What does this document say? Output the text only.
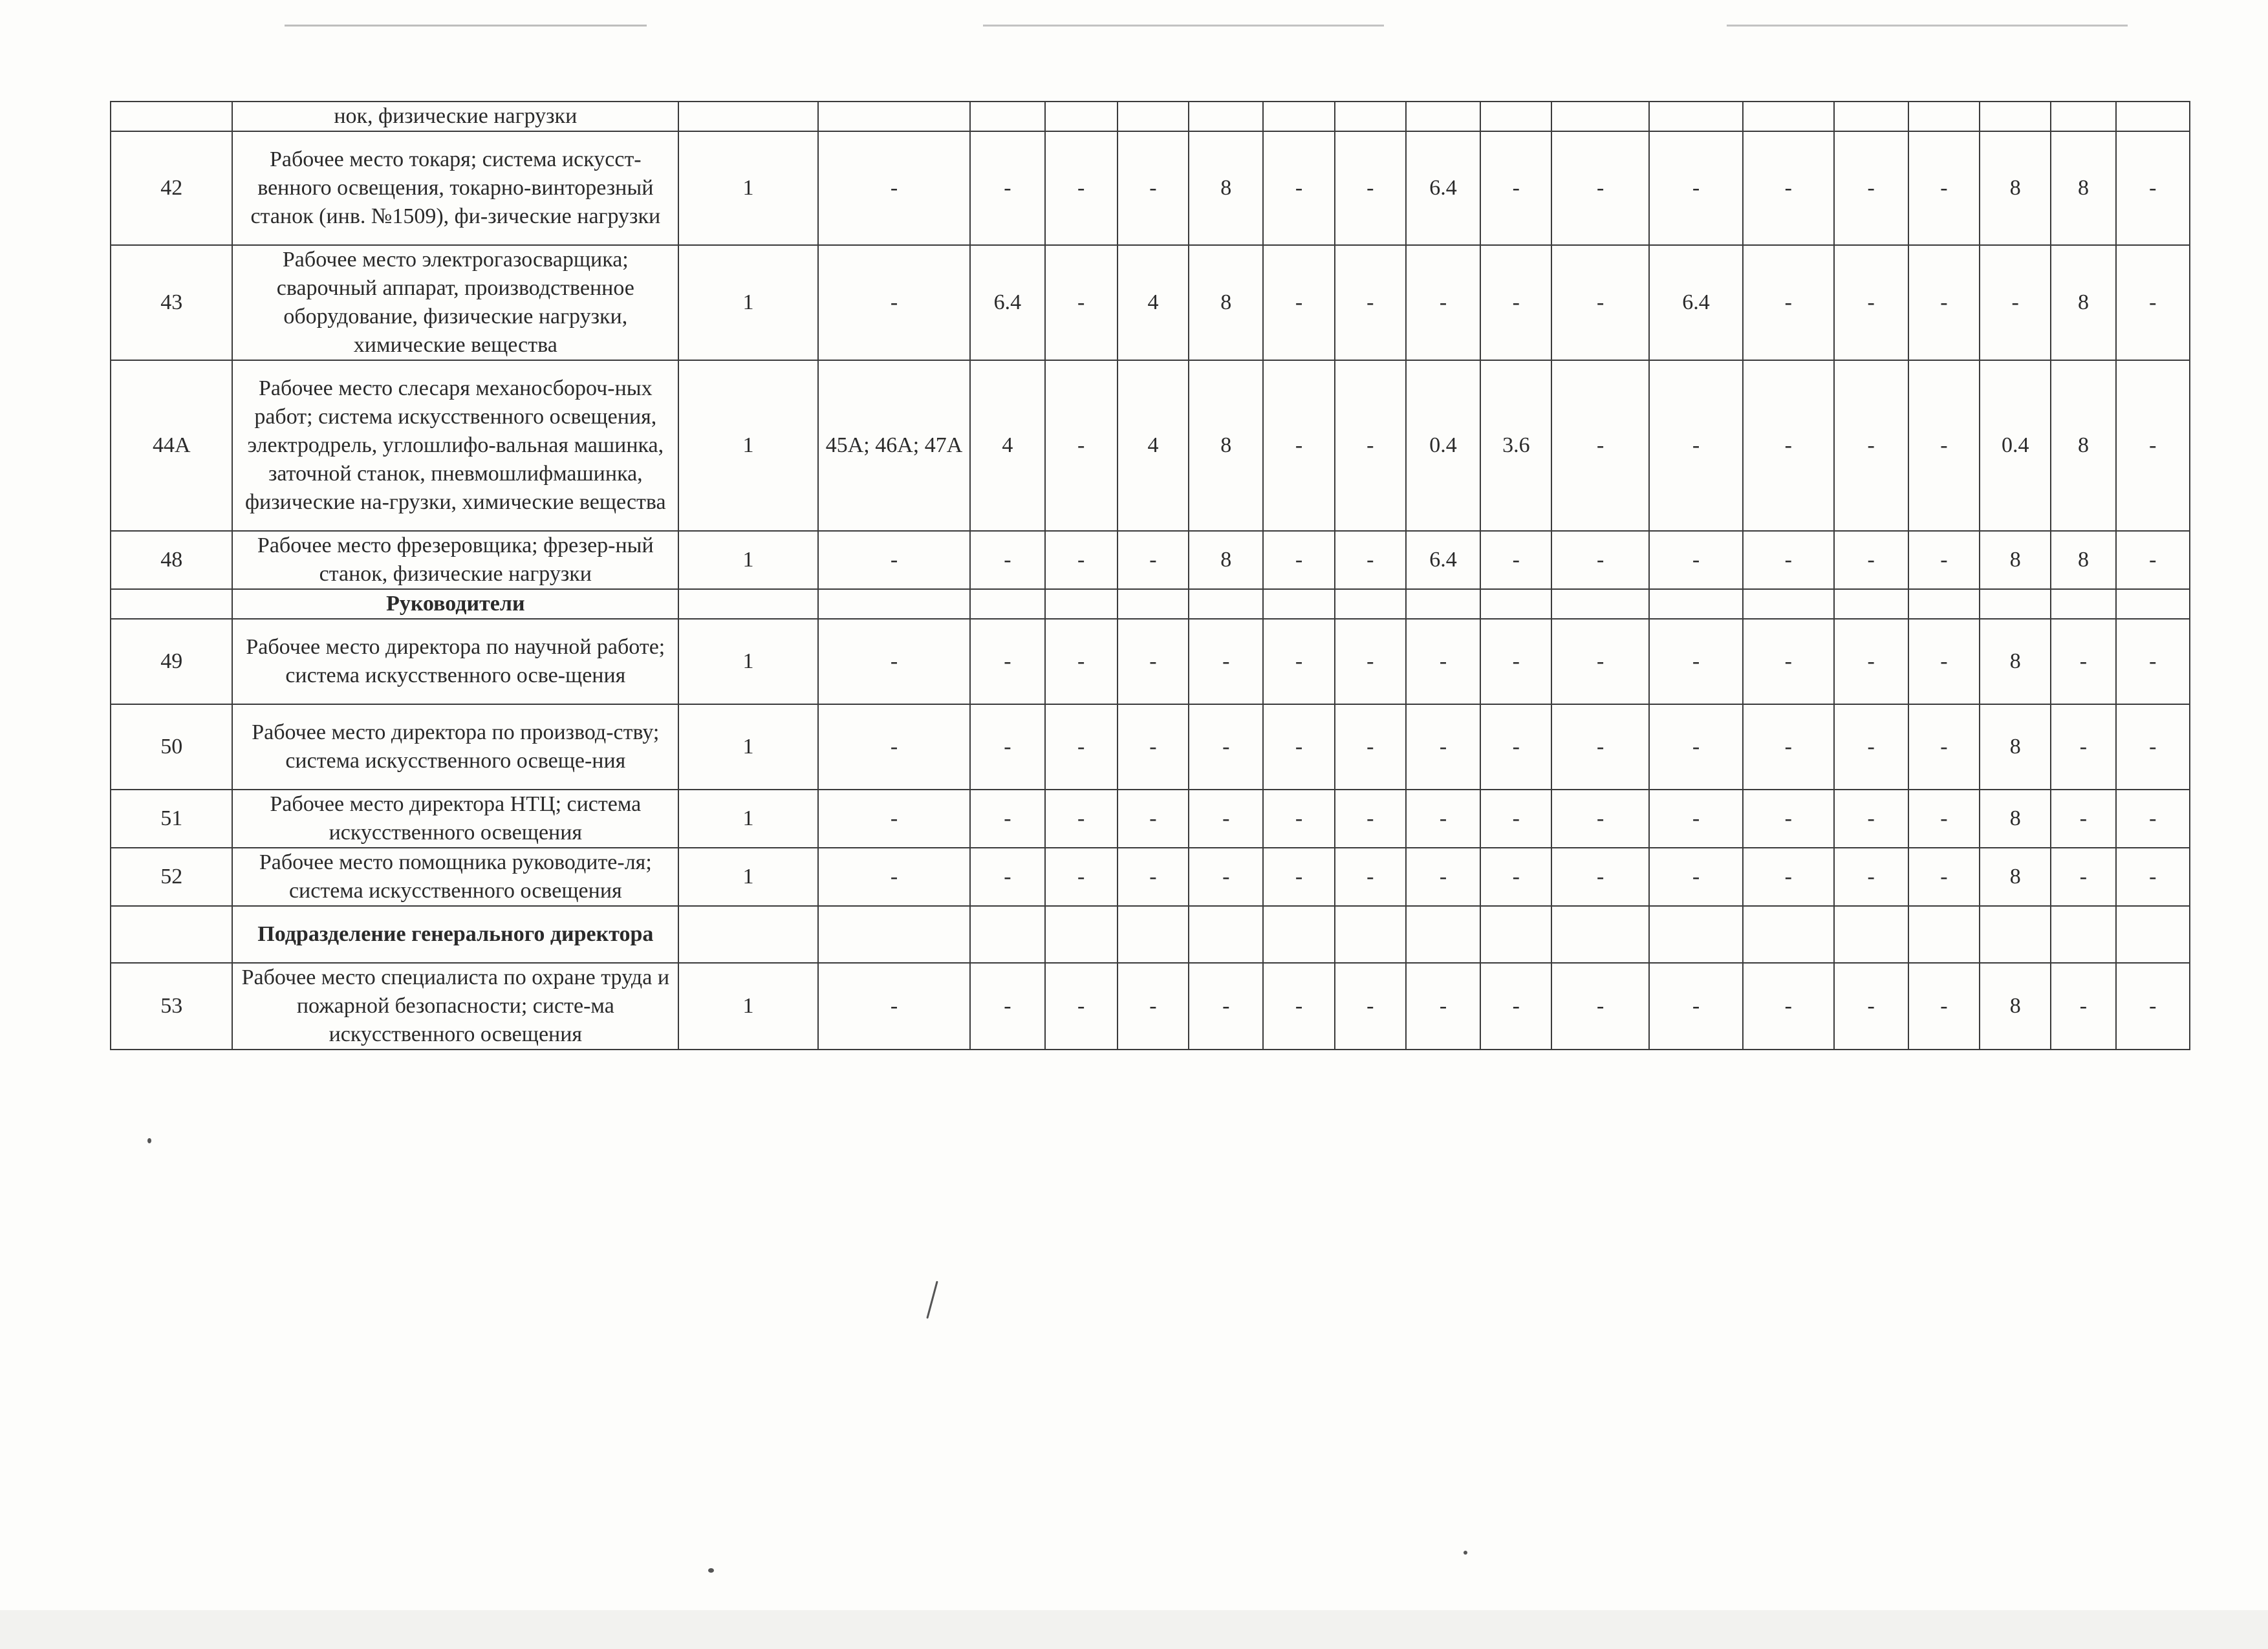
	нок, физические нагрузки																		
42	Рабочее место токаря; система искусст-венного освещения, токарно-винторезный станок (инв. №1509), фи-зические нагрузки	1	-	-	-	-	8	-	-	6.4	-	-	-	-	-	-	8	8	-
43	Рабочее место электрогазосварщика; сварочный аппарат, производственное оборудование, физические нагрузки, химические вещества	1	-	6.4	-	4	8	-	-	-	-	-	6.4	-	-	-	-	8	-
44А	Рабочее место слесаря механосбороч-ных работ; система искусственного освещения, электродрель, углошлифо-вальная машинка, заточной станок, пневмошлифмашинка, физические на-грузки, химические вещества	1	45А; 46А; 47А	4	-	4	8	-	-	0.4	3.6	-	-	-	-	-	0.4	8	-
48	Рабочее место фрезеровщика; фрезер-ный станок, физические нагрузки	1	-	-	-	-	8	-	-	6.4	-	-	-	-	-	-	8	8	-
	Руководители																		
49	Рабочее место директора по научной работе; система искусственного осве-щения	1	-	-	-	-	-	-	-	-	-	-	-	-	-	-	8	-	-
50	Рабочее место директора по производ-ству; система искусственного освеще-ния	1	-	-	-	-	-	-	-	-	-	-	-	-	-	-	8	-	-
51	Рабочее место директора НТЦ; система искусственного освещения	1	-	-	-	-	-	-	-	-	-	-	-	-	-	-	8	-	-
52	Рабочее место помощника руководите-ля; система искусственного освещения	1	-	-	-	-	-	-	-	-	-	-	-	-	-	-	8	-	-
	Подразделение генерального директора																		
53	Рабочее место специалиста по охране труда и пожарной безопасности; систе-ма искусственного освещения	1	-	-	-	-	-	-	-	-	-	-	-	-	-	-	8	-	-
